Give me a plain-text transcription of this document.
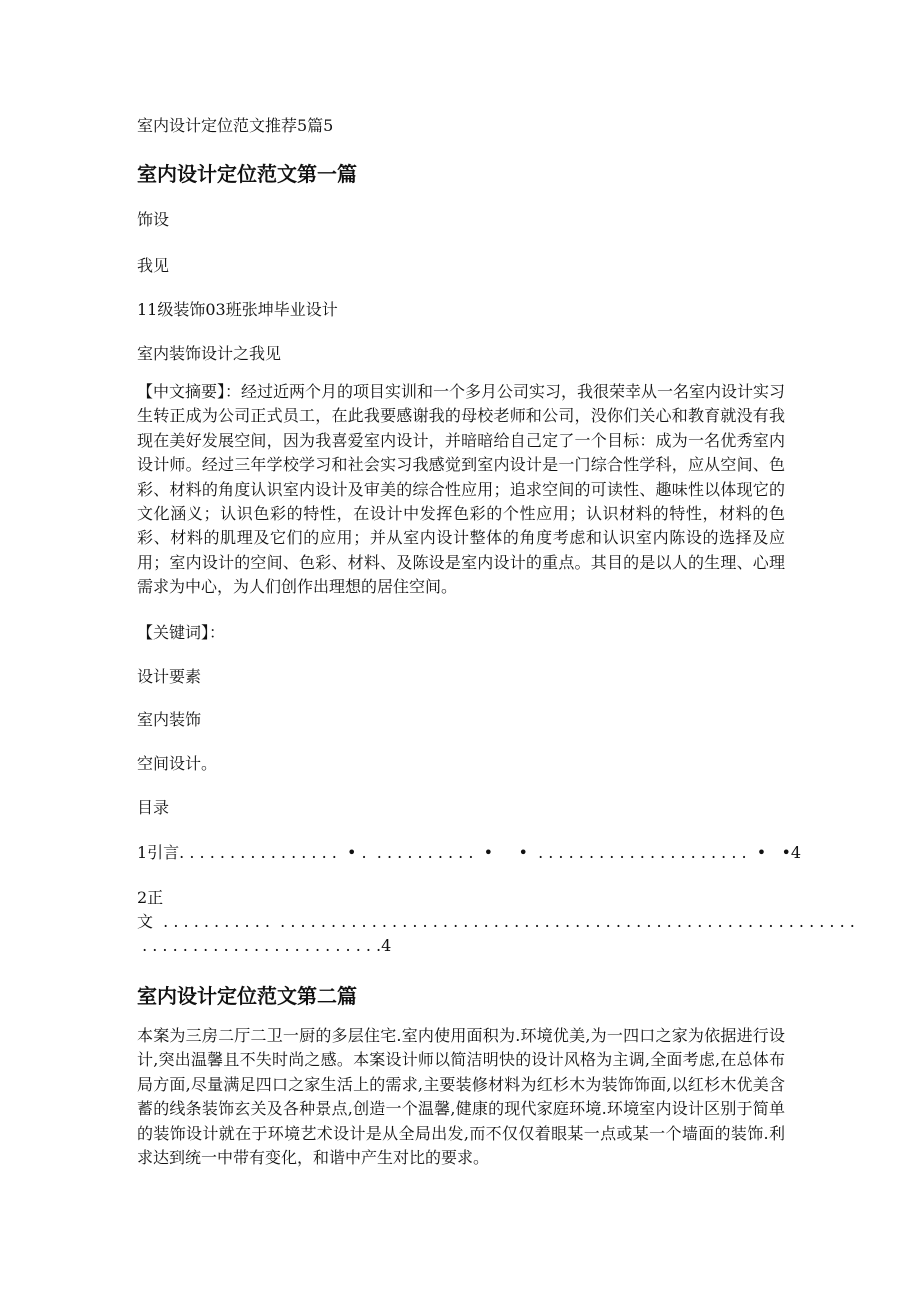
室内设计定位范文推荐5篇5

室内设计定位范文第一篇

饰设

我见

11级装饰03班张坤毕业设计

室内装饰设计之我见

【中文摘要】：经过近两个月的项目实训和一个多月公司实习，我很荣幸从一名室内设计实习生转正成为公司正式员工，在此我要感谢我的母校老师和公司，没你们关心和教育就没有我现在美好发展空间，因为我喜爱室内设计，并暗暗给自己定了一个目标：成为一名优秀室内设计师。经过三年学校学习和社会实习我感觉到室内设计是一门综合性学科，应从空间、色彩、材料的角度认识室内设计及审美的综合性应用；追求空间的可读性、趣味性以体现它的文化涵义；认识色彩的特性，在设计中发挥色彩的个性应用；认识材料的特性，材料的色彩、材料的肌理及它们的应用；并从室内设计整体的角度考虑和认识室内陈设的选择及应用；室内设计的空间、色彩、材料、及陈设是室内设计的重点。其目的是以人的生理、心理需求为中心，为人们创作出理想的居住空间。

【关键词】：

设计要素

室内装饰

空间设计。

目录

1引言. . . . . . . . . . . . . . . .  • .  . . . . . . . . . .  •     •  . . . . . . . . . . . . . . . . . . . . .  •   •4

2正

文  . . . . . . . . . . .  . . . . . . . . . . . . . . . . . . . . . . . . . . . . . . . . . . . . . . . . . . . . . . . . . . . . . . . . .

. . . . . . . . . . . . . . . . . . . . . . . .4

室内设计定位范文第二篇

本案为三房二厅二卫一厨的多层住宅.室内使用面积为.环境优美,为一四口之家为依据进行设计,突出温馨且不失时尚之感。本案设计师以简洁明快的设计风格为主调,全面考虑,在总体布局方面,尽量满足四口之家生活上的需求,主要装修材料为红杉木为装饰饰面,以红杉木优美含蓄的线条装饰玄关及各种景点,创造一个温馨,健康的现代家庭环境.环境室内设计区别于简单的装饰设计就在于环境艺术设计是从全局出发,而不仅仅着眼某一点或某一个墙面的装饰.利求达到统一中带有变化，和谐中产生对比的要求。
